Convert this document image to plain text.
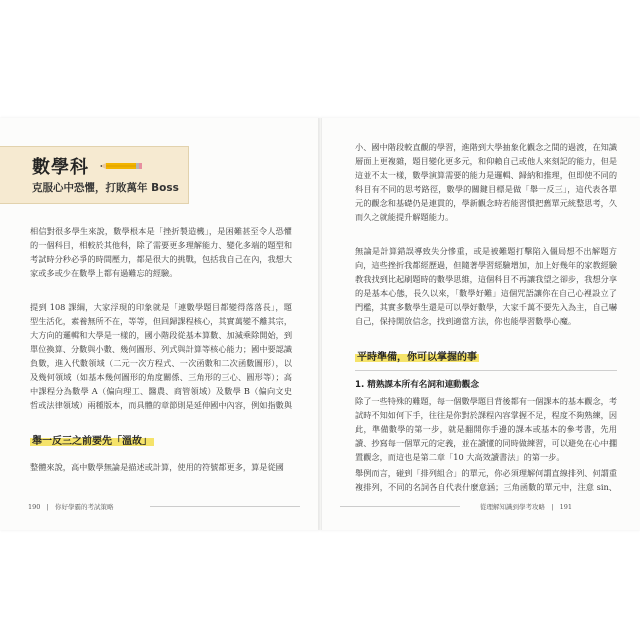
數學科
克服心中恐懼，打敗萬年 Boss

相信對很多學生來說，數學根本是「挫折製造機」，是困難甚至令人恐懼的一個科目，相較於其他科，除了需要更多理解能力、變化多端的題型和考試時分秒必爭的時間壓力，都是很大的挑戰，包括我自己在內，我想大家或多或少在數學上都有過難忘的經驗。

提到 108 課綱，大家浮現的印象就是「連數學題目都變得落落長」，題型生活化，素養無所不在，等等，但回歸課程核心，其實萬變不離其宗，大方向的邏輯和大學是一樣的，國小階段從基本算數、加減乘除開始，到單位換算、分數與小數、幾何圖形、列式與計算等核心能力；國中要認識負數，進入代數領域（二元一次方程式、一次函數和二次函數圖形），以及幾何領域（如基本幾何圖形的角度關係、三角形的三心、圓形等）；高中課程分為數學 A（偏向理工、醫農、商管領域）及數學 B（偏向文史哲或法律領域）兩種版本，而具體的章節則是延伸國中內容，例如指數與

舉一反三之前要先「溫故」

整體來說，高中數學無論是描述或計算，使用的符號都更多，算是從國

190   |   你好學霸的考試策略

小、國中階段較直觀的學習，進階到大學抽象化觀念之間的過渡，在知識層面上更複雜，題目變化更多元，和仰賴自己或他人來刻記的能力，但是這並不太一樣，數學演算需要的能力是邏輯、歸納和推理，但即使不同的科目有不同的思考路徑，數學的關鍵目標是做「舉一反三」，這代表各單元的觀念和基礎仍是連貫的，學新觀念時若能習慣把舊單元統整思考，久而久之就能提升解題能力。

無論是計算錯誤導致失分慘重，或是被難題打擊陷入僵局想不出解題方向，這些挫折我都經歷過，但隨著學習經驗增加，加上好幾年的家教經驗教我找到比起刷題時的數學思維，這個科目不再讓我望之卻步，我想分享的是基本心態，長久以來，「數學好難」這個咒語讓你在自己心裡設立了門檻，其實多數學生還是可以學好數學，大家千萬不要先入為主，自己嚇自己，保持開放信念，找到適當方法，你也能學習數學心魔。

平時準備，你可以掌握的事
1. 精熟課本所有名詞和連動觀念

除了一些特殊的難題，每一個數學題目背後都有一個課本的基本觀念，考試時不知如何下手，往往是你對於課程內容掌握不足，程度不夠熟練，因此，準備數學的第一步，就是翻開你手邊的課本或基本的參考書，先用讀、抄寫每一個單元的定義，並在讀懂的同時做練習，可以避免在心中擱置觀念，而這也是第二章「10 大高效讀書法」的第一步。

舉例而言，碰到「排列組合」的單元，你必須理解何謂直線排列、何謂重複排列，不同的名詞各自代表什麼意涵；三角函數的單元中，注意 sin、

從理解知識到學考攻略   |   191
